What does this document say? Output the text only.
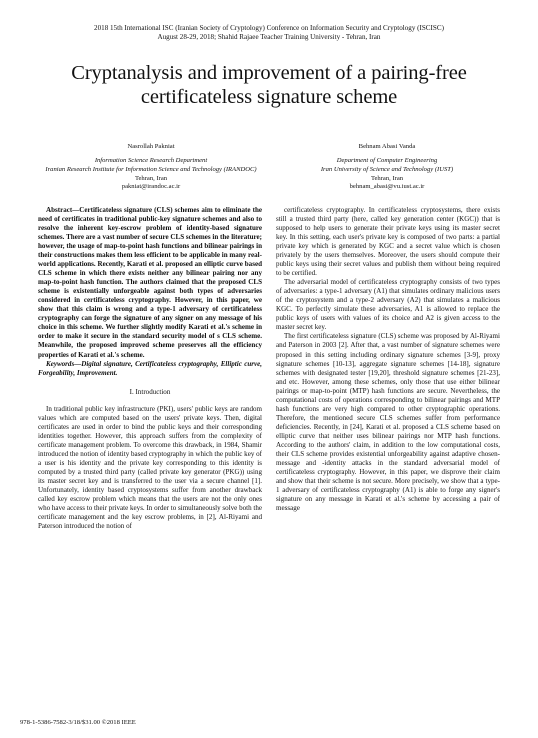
2018 15th International ISC (Iranian Society of Cryptology) Conference on Information Security and Cryptology (ISCISC)
August 28-29, 2018; Shahid Rajaee Teacher Training University - Tehran, Iran
Cryptanalysis and improvement of a pairing-free certificateless signature scheme
Nasrollah Pakniat
Information Science Research Department
Iranian Research Institute for Information Science and Technology (IRANDOC)
Tehran, Iran
pakniat@irandoc.ac.ir
Behnam Abasi Vanda
Department of Computer Engineering
Iran University of Science and Technology (IUST)
Tehran, Iran
behnam_abasi@vu.iust.ac.ir

Abstract—Certificateless signature (CLS) schemes aim to eliminate the need of certificates in traditional public-key signature schemes and also to resolve the inherent key-escrow problem of identity-based signature schemes. There are a vast number of secure CLS schemes in the literature; however, the usage of map-to-point hash functions and bilinear pairings in their constructions makes them less efficient to be applicable in many real-world applications. Recently, Karati et al. proposed an elliptic curve based CLS scheme in which there exists neither any bilinear pairing nor any map-to-point hash function. The authors claimed that the proposed CLS scheme is existentially unforgeable against both types of adversaries considered in certificateless cryptography. However, in this paper, we show that this claim is wrong and a type-1 adversary of certificateless cryptography can forge the signature of any signer on any message of his choice in this scheme. We further slightly modify Karati et al.'s scheme in order to make it secure in the standard security model of s CLS scheme. Meanwhile, the proposed improved scheme preserves all the efficiency properties of Karati et al.'s scheme.

Keywords—Digital signature, Certificateless cryptography, Elliptic curve, Forgeability, Improvement.

I. Introduction

In traditional public key infrastructure (PKI), users' public keys are random values which are computed based on the users' private keys. Then, digital certificates are used in order to bind the public keys and their corresponding identities together. However, this approach suffers from the complexity of certificate management problem. To overcome this drawback, in 1984, Shamir introduced the notion of identity based cryptography in which the public key of a user is his identity and the private key corresponding to this identity is computed by a trusted third party (called private key generator (PKG)) using its master secret key and is transferred to the user via a secure channel [1]. Unfortunately, identity based cryptosystems suffer from another drawback called key escrow problem which means that the users are not the only ones who have access to their private keys. In order to simultaneously solve both the certificate management and the key escrow problems, in [2], Al-Riyami and Paterson introduced the notion of

certificateless cryptography. In certificateless cryptosystems, there exists still a trusted third party (here, called key generation center (KGC)) that is supposed to help users to generate their private keys using its master secret key. In this setting, each user's private key is composed of two parts: a partial private key which is generated by KGC and a secret value which is chosen privately by the users themselves. Moreover, the users should compute their public keys using their secret values and publish them without being required to be certified.

The adversarial model of certificateless cryptography consists of two types of adversaries: a type-1 adversary (A1) that simulates ordinary malicious users of the cryptosystem and a type-2 adversary (A2) that simulates a malicious KGC. To perfectly simulate these adversaries, A1 is allowed to replace the public keys of users with values of its choice and A2 is given access to the master secret key.

The first certificateless signature (CLS) scheme was proposed by Al-Riyami and Paterson in 2003 [2]. After that, a vast number of signature schemes were proposed in this setting including ordinary signature schemes [3-9], proxy signature schemes [10-13], aggregate signature schemes [14-18], signature schemes with designated tester [19,20], threshold signature schemes [21-23], and etc. However, among these schemes, only those that use either bilinear pairings or map-to-point (MTP) hash functions are secure. Nevertheless, the computational costs of operations corresponding to bilinear pairings and MTP hash functions are very high compared to other cryptographic operations. Therefore, the mentioned secure CLS schemes suffer from performance deficiencies. Recently, in [24], Karati et al. proposed a CLS scheme based on elliptic curve that neither uses bilinear pairings nor MTP hash functions. According to the authors' claim, in addition to the low computational costs, their CLS scheme provides existential unforgeability against adaptive chosen-message and -identity attacks in the standard adversarial model of certificateless cryptography. However, in this paper, we disprove their claim and show that their scheme is not secure. More precisely, we show that a type-1 adversary of certificateless cryptography (A1) is able to forge any signer's signature on any message in Karati et al.'s scheme by accessing a pair of message

978-1-5386-7582-3/18/$31.00 ©2018 IEEE
